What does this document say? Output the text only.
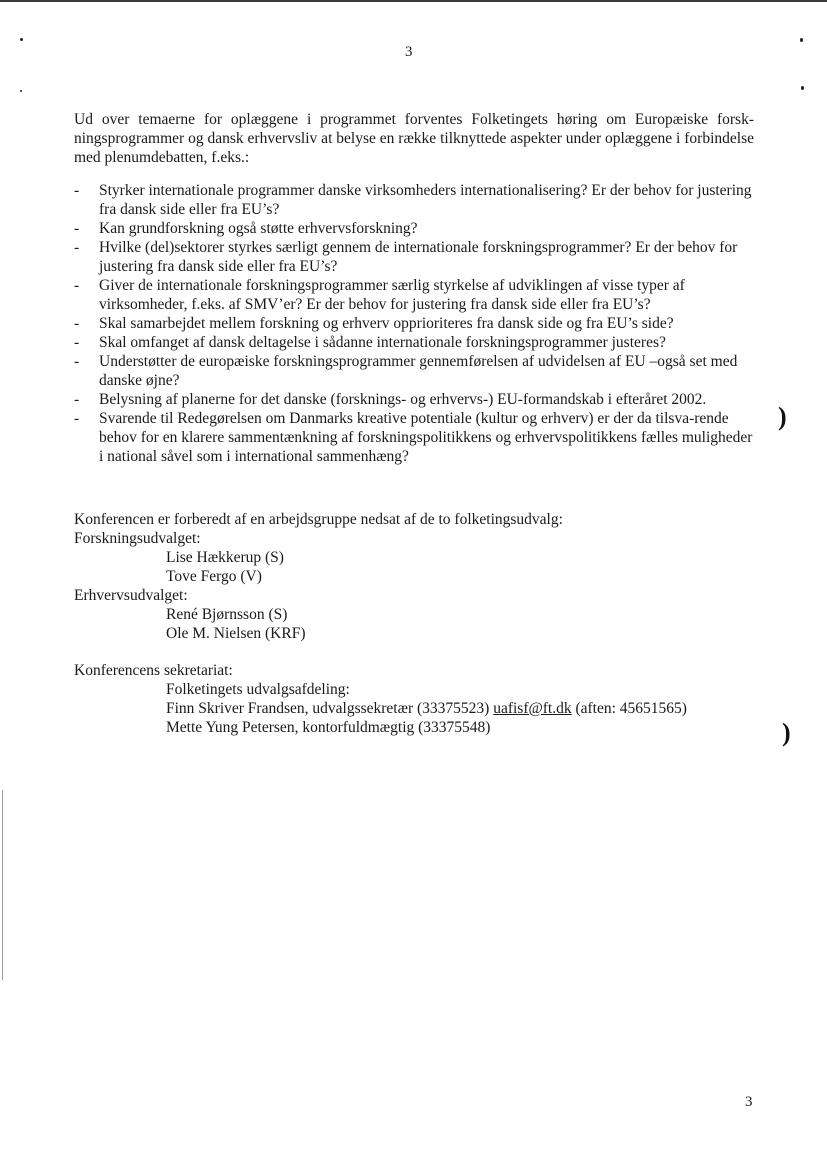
)
)
3

Ud over temaerne for oplæggene i programmet forventes Folketingets høring om Europæiske forsk-ningsprogrammer og dansk erhvervsliv at belyse en række tilknyttede aspekter under oplæggene i forbindelse med plenumdebatten, f.eks.:

- Styrker internationale programmer danske virksomheders internationalisering? Er der behov for justering fra dansk side eller fra EU’s?
- Kan grundforskning også støtte erhvervsforskning?
- Hvilke (del)sektorer styrkes særligt gennem de internationale forskningsprogrammer? Er der behov for justering fra dansk side eller fra EU’s?
- Giver de internationale forskningsprogrammer særlig styrkelse af udviklingen af visse typer af virksomheder, f.eks. af SMV’er? Er der behov for justering fra dansk side eller fra EU’s?
- Skal samarbejdet mellem forskning og erhverv opprioriteres fra dansk side og fra EU’s side?
- Skal omfanget af dansk deltagelse i sådanne internationale forskningsprogrammer justeres?
- Understøtter de europæiske forskningsprogrammer gennemførelsen af udvidelsen af EU –også set med danske øjne?
- Belysning af planerne for det danske (forsknings- og erhvervs-) EU-formandskab i efteråret 2002.
- Svarende til Redegørelsen om Danmarks kreative potentiale (kultur og erhverv) er der da tilsva-rende behov for en klarere sammentænkning af forskningspolitikkens og erhvervspolitikkens fælles muligheder i national såvel som i international sammenhæng?
Konferencen er forberedt af en arbejdsgruppe nedsat af de to folketingsudvalg:
Forskningsudvalget:
Lise Hækkerup (S)
Tove Fergo (V)
Erhvervsudvalget:
René Bjørnsson (S)
Ole M. Nielsen (KRF)
Konferencens sekretariat:
Folketingets udvalgsafdeling:
Finn Skriver Frandsen, udvalgssekretær (33375523) uafisf@ft.dk (aften: 45651565)
Mette Yung Petersen, kontorfuldmægtig (33375548)
3
